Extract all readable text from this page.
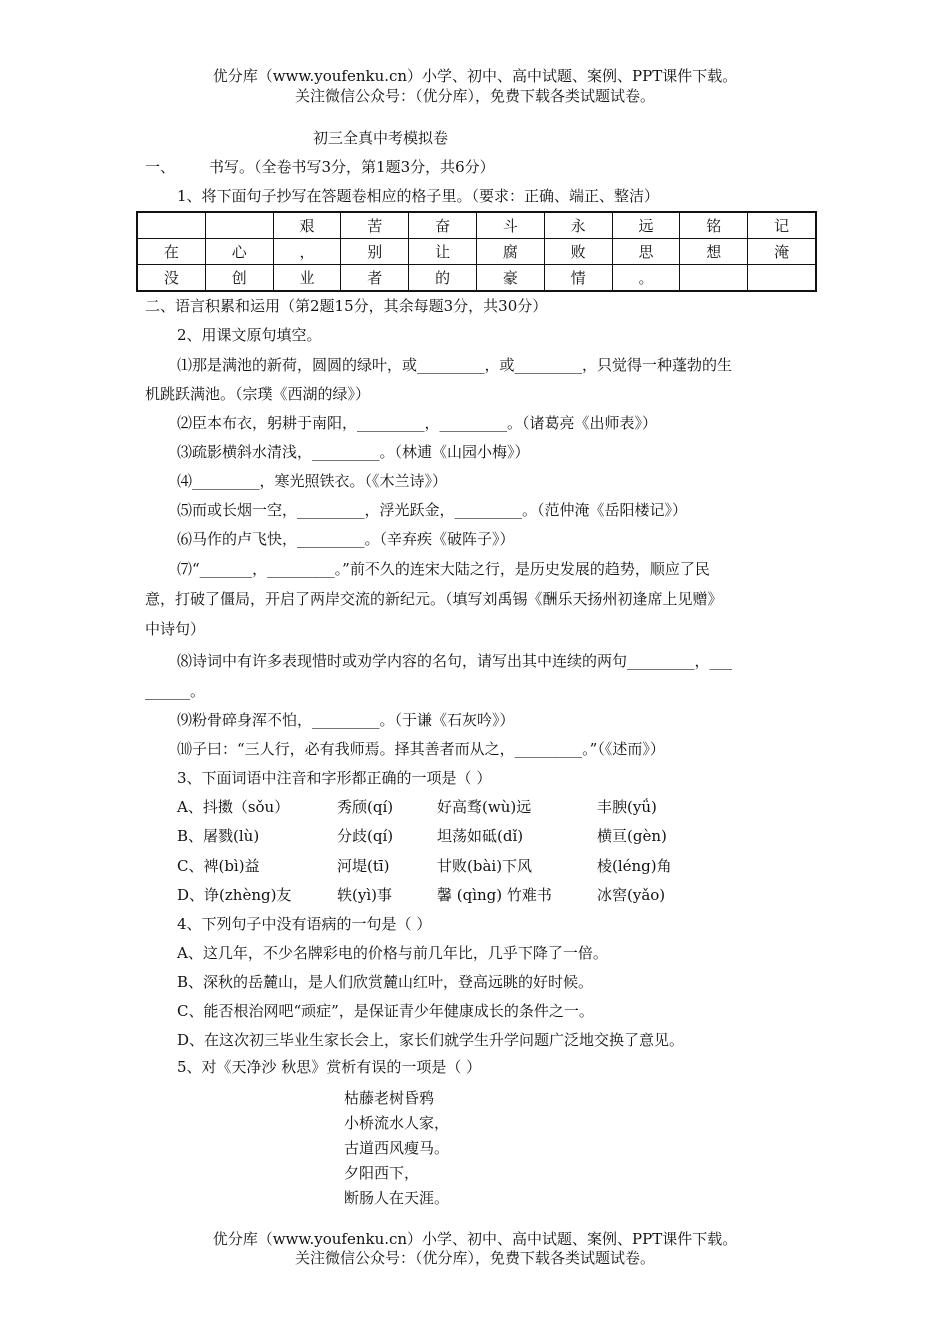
优分库（www.youfenku.cn）小学、初中、高中试题、案例、PPT课件下载。
关注微信公众号：（优分库），免费下载各类试题试卷。
初三全真中考模拟卷
一、 书写。（全卷书写3分，第1题3分，共6分）
1、将下面句子抄写在答题卷相应的格子里。（要求：正确、端正、整洁）
		艰	苦	奋	斗	永	远	铭	记
在	心	，	别	让	腐	败	思	想	淹
没	创	业	者	的	豪	情	。		
二、语言积累和运用（第2题15分，其余每题3分，共30分）
2、用课文原句填空。
⑴那是满池的新荷，圆圆的绿叶，或_________，或_________，只觉得一种蓬勃的生
机跳跃满池。（宗璞《西湖的绿》）
⑵臣本布衣，躬耕于南阳，_________，_________。（诸葛亮《出师表》）
⑶疏影横斜水清浅，_________。（林逋《山园小梅》）
⑷_________，寒光照铁衣。（《木兰诗》）
⑸而或长烟一空，_________，浮光跃金，_________。（范仲淹《岳阳楼记》）
⑹马作的卢飞快，_________。（辛弃疾《破阵子》）
⑺“_______，_________。”前不久的连宋大陆之行，是历史发展的趋势，顺应了民
意，打破了僵局，开启了两岸交流的新纪元。（填写刘禹锡《酬乐天扬州初逢席上见赠》
中诗句）
⑻诗词中有许多表现惜时或劝学内容的名句，请写出其中连续的两句_________，___
______。
⑼粉骨碎身浑不怕，_________。（于谦《石灰吟》）
⑽子曰：“三人行，必有我师焉。择其善者而从之，_________。”（《述而》）
3、下面词语中注音和字形都正确的一项是（ ）
A、抖擞（sǒu）	秀颀(qí)	好高骛(wù)远	丰腴(yǘ)
B、屠戮(lù)	分歧(qí)	坦荡如砥(dǐ)	横亘(gèn)
C、裨(bì)益	河堤(tī)	甘败(bài)下风	棱(léng)角
D、诤(zhèng)友	轶(yì)事	馨 (qìng) 竹难书	冰窖(yǎo)
4、下列句子中没有语病的一句是（ ）
A、这几年，不少名牌彩电的价格与前几年比，几乎下降了一倍。
B、深秋的岳麓山，是人们欣赏麓山红叶，登高远眺的好时候。
C、能否根治网吧“顽症”，是保证青少年健康成长的条件之一。
D、在这次初三毕业生家长会上，家长们就学生升学问题广泛地交换了意见。
5、对《天净沙 秋思》赏析有误的一项是（ ）
枯藤老树昏鸦
小桥流水人家，
古道西风瘦马。
夕阳西下，
断肠人在天涯。
优分库（www.youfenku.cn）小学、初中、高中试题、案例、PPT课件下载。
关注微信公众号：（优分库），免费下载各类试题试卷。
